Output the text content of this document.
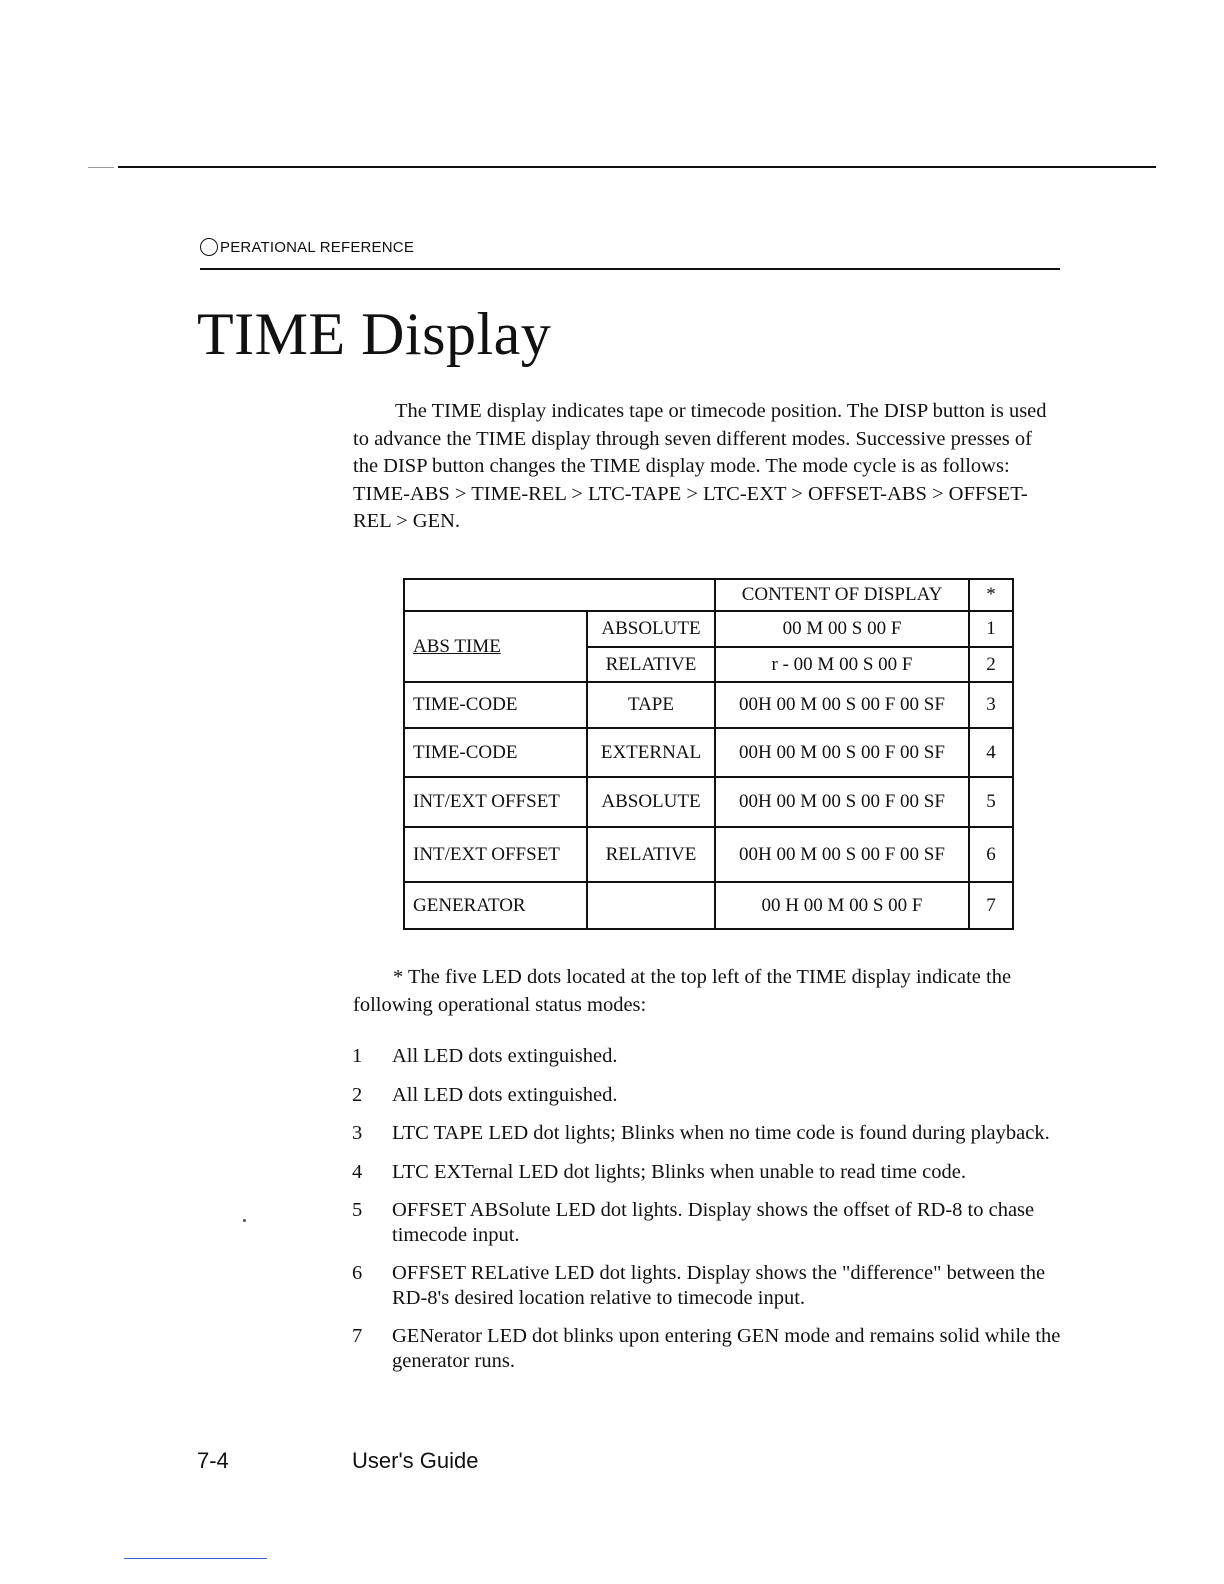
PERATIONAL REFERENCE
TIME Display

The TIME display indicates tape or timecode position. The DISP button is used to advance the TIME display through seven different modes. Successive presses of the DISP button changes the TIME display mode. The mode cycle is as follows: TIME-ABS > TIME-REL > LTC-TAPE > LTC-EXT > OFFSET-ABS > OFFSET-REL > GEN.

		CONTENT OF DISPLAY	*
ABS TIME	ABSOLUTE	00 M 00 S 00 F	1
	RELATIVE	r - 00 M 00 S 00 F	2
TIME-CODE	TAPE	00H 00 M 00 S 00 F 00 SF	3
TIME-CODE	EXTERNAL	00H 00 M 00 S 00 F 00 SF	4
INT/EXT OFFSET	ABSOLUTE	00H 00 M 00 S 00 F 00 SF	5
INT/EXT OFFSET	RELATIVE	00H 00 M 00 S 00 F 00 SF	6
GENERATOR		00 H 00 M 00 S 00 F	7

* The five LED dots located at the top left of the TIME display indicate the following operational status modes:

1	All LED dots extinguished.
2	All LED dots extinguished.
3	LTC TAPE LED dot lights; Blinks when no time code is found during playback.
4	LTC EXTernal LED dot lights; Blinks when unable to read time code.
5	OFFSET ABSolute LED dot lights. Display shows the offset of RD-8 to chase timecode input.
6	OFFSET RELative LED dot lights. Display shows the "difference" between the RD-8's desired location relative to timecode input.
7	GENerator LED dot blinks upon entering GEN mode and remains solid while the generator runs.
7-4	User's Guide
